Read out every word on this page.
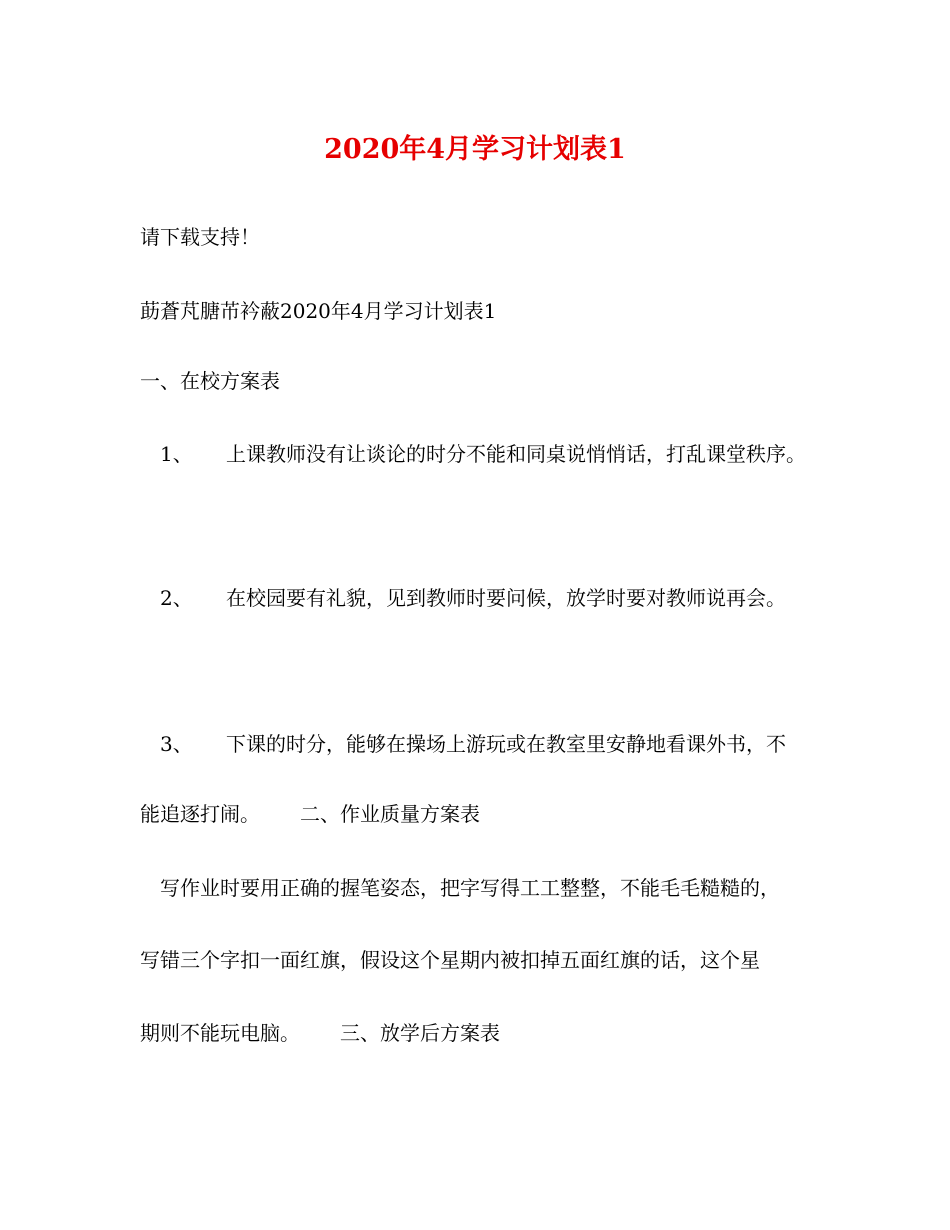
2020年4月学习计划表1
请下载支持！
莇蒼芃膅芇衿蔽2020年4月学习计划表1
一、在校方案表
1、 上课教师没有让谈论的时分不能和同桌说悄悄话，打乱课堂秩序。
2、 在校园要有礼貌，见到教师时要问候，放学时要对教师说再会。
3、 下课的时分，能够在操场上游玩或在教室里安静地看课外书，不
能追逐打闹。 二、作业质量方案表
写作业时要用正确的握笔姿态，把字写得工工整整，不能毛毛糙糙的，
写错三个字扣一面红旗，假设这个星期内被扣掉五面红旗的话，这个星
期则不能玩电脑。 三、放学后方案表
